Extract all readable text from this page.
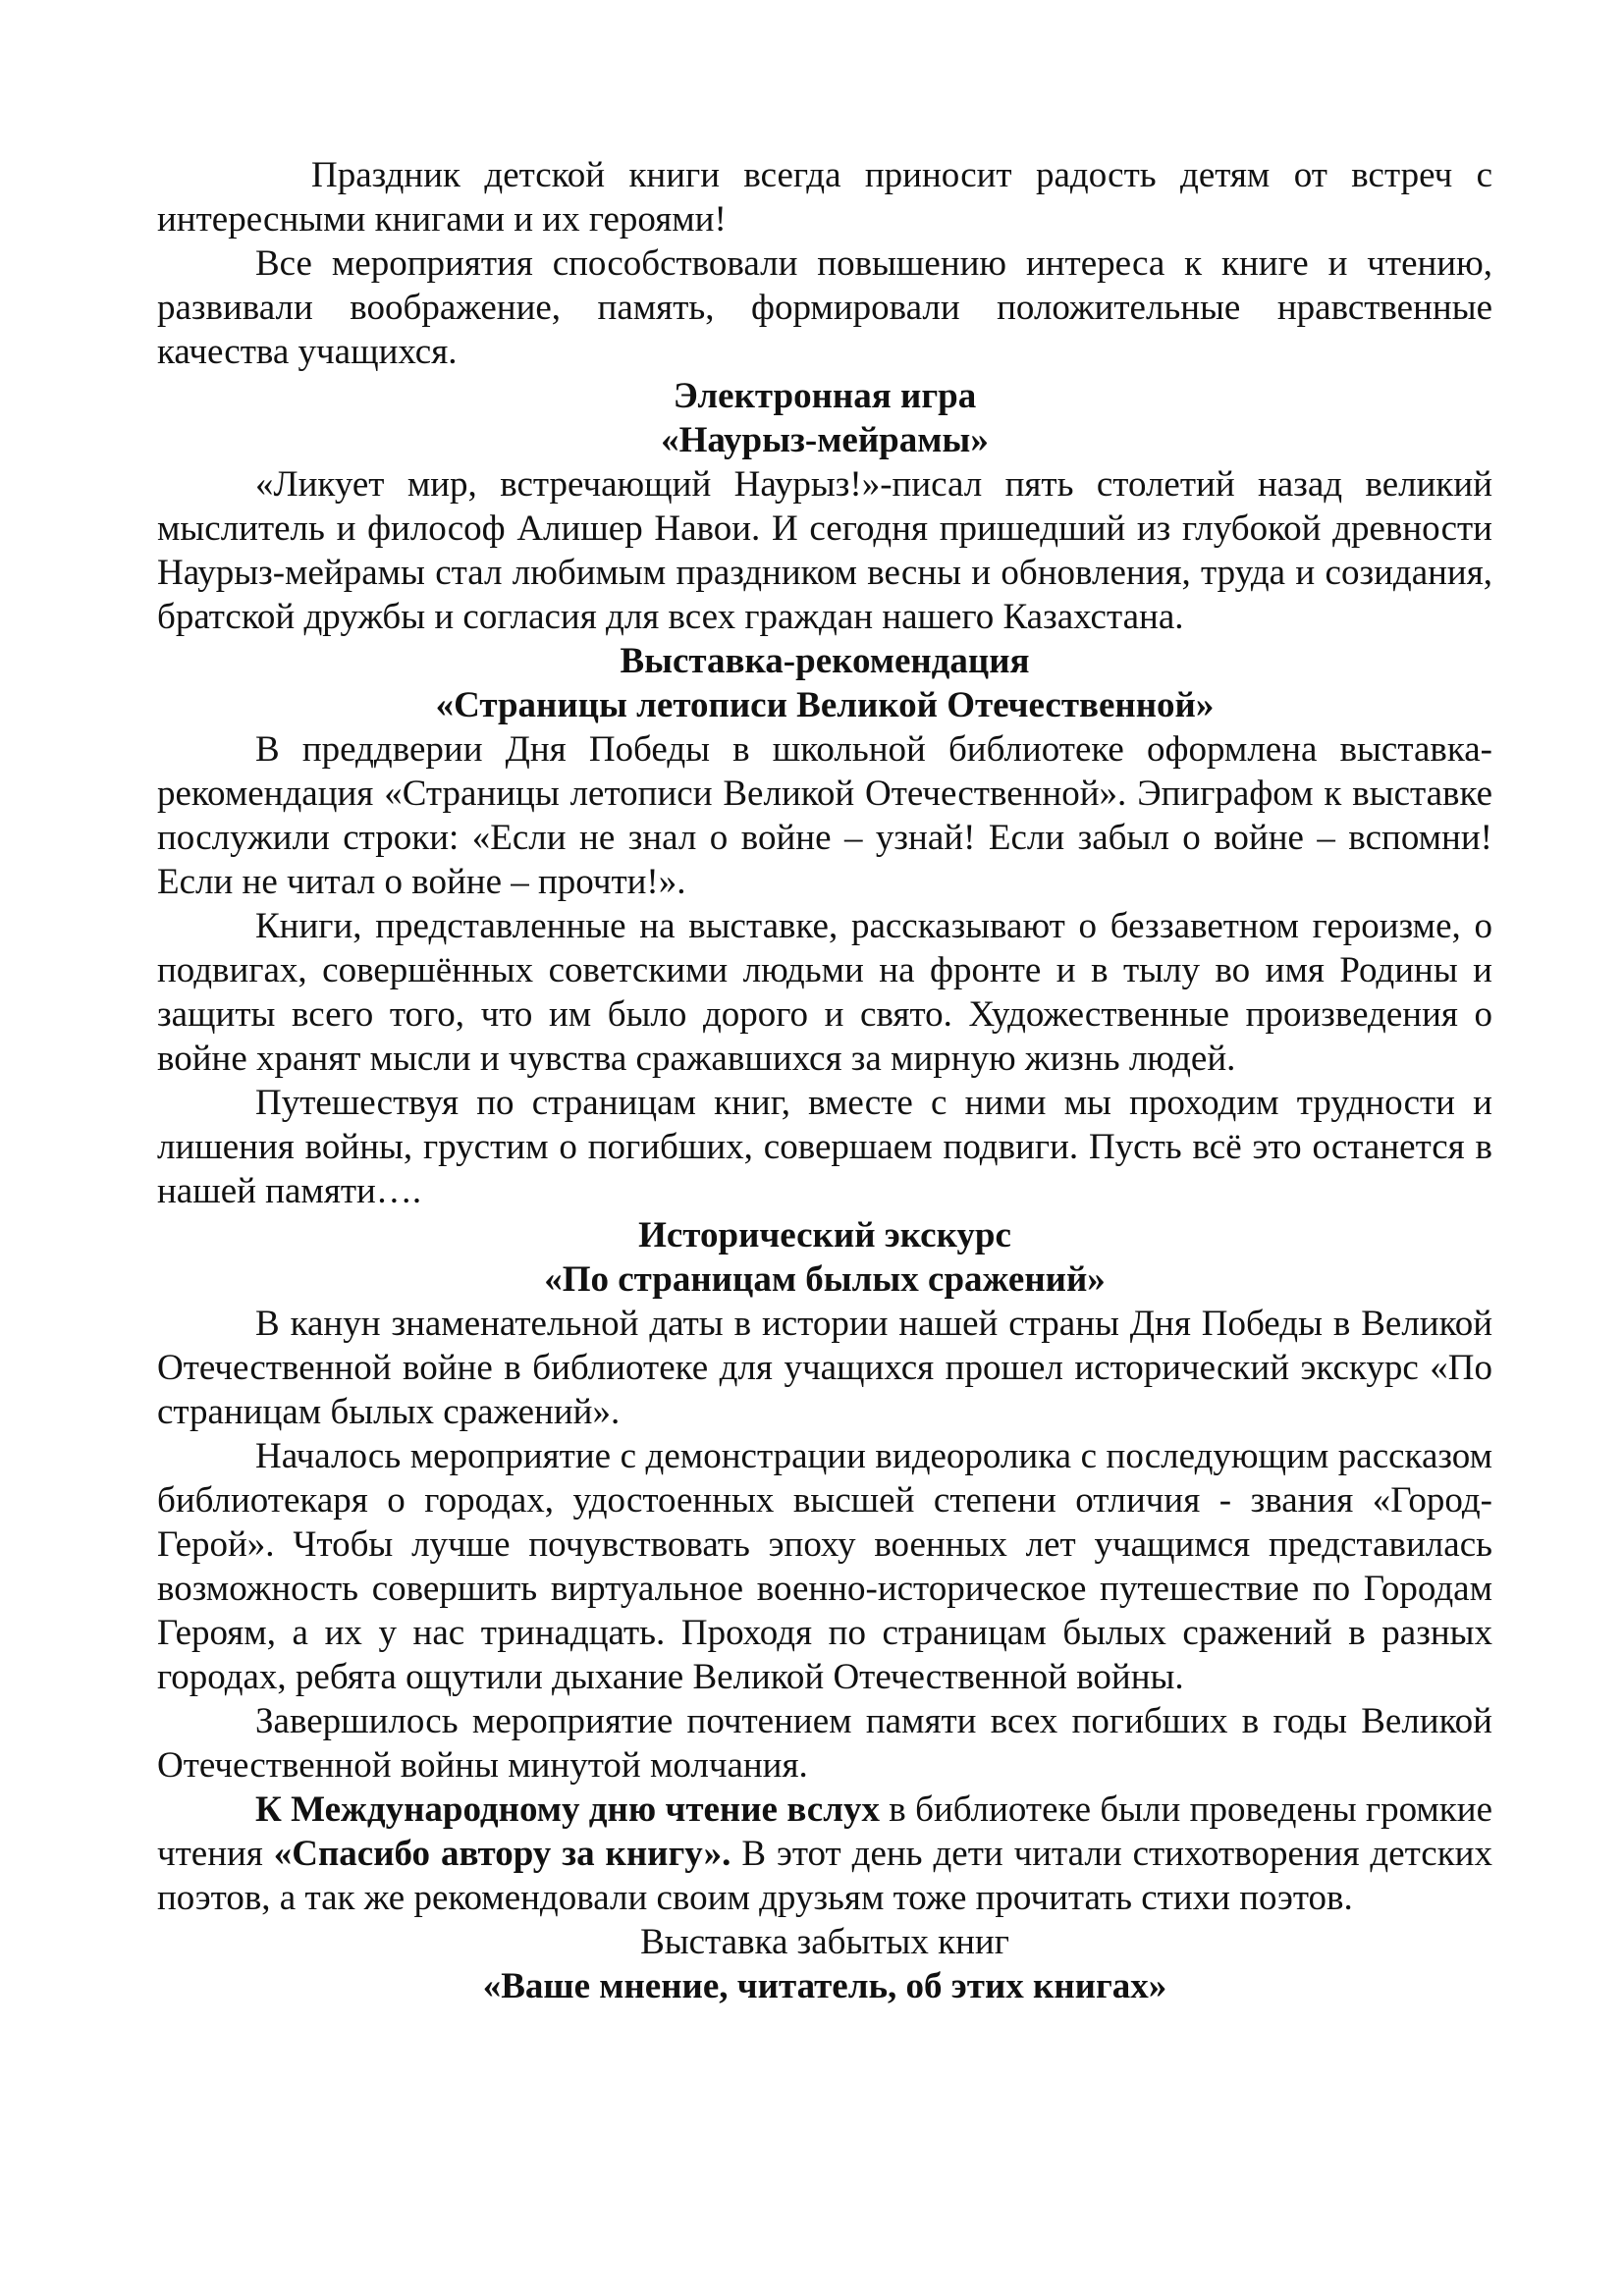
Праздник детской книги всегда приносит радость детям от встреч с интересными книгами и их героями!

Все мероприятия способствовали повышению интереса к книге и чтению, развивали воображение, память, формировали положительные нравственные качества учащихся.

Электронная игра

«Наурыз-мейрамы»

«Ликует мир, встречающий Наурыз!»-писал пять столетий назад великий мыслитель и философ Алишер Навои. И сегодня пришедший из глубокой древности Наурыз-мейрамы стал любимым праздником весны и обновления, труда и созидания, братской дружбы и согласия для всех граждан нашего Казахстана.

Выставка-рекомендация

«Страницы летописи Великой Отечественной»

В преддверии Дня Победы в школьной библиотеке оформлена выставка-рекомендация «Страницы летописи Великой Отечественной». Эпиграфом к выставке послужили строки: «Если не знал о войне – узнай! Если забыл о войне – вспомни! Если не читал о войне – прочти!».

Книги, представленные на выставке, рассказывают о беззаветном героизме, о подвигах, совершённых советскими людьми на фронте и в тылу во имя Родины и защиты всего того, что им было дорого и свято. Художественные произведения о войне хранят мысли и чувства сражавшихся за мирную жизнь людей.

Путешествуя по страницам книг, вместе с ними мы проходим трудности и лишения войны, грустим о погибших, совершаем подвиги. Пусть всё это останется в нашей памяти….

Исторический экскурс

«По страницам былых сражений»

В канун знаменательной даты в истории нашей страны Дня Победы в Великой Отечественной войне в библиотеке для учащихся прошел исторический экскурс «По страницам былых сражений».

Началось мероприятие с демонстрации видеоролика с последующим рассказом библиотекаря о городах, удостоенных высшей степени отличия - звания «Город-Герой». Чтобы лучше почувствовать эпоху военных лет учащимся представилась возможность совершить виртуальное военно-историческое путешествие по Городам Героям, а их у нас тринадцать. Проходя по страницам былых сражений в разных городах, ребята ощутили дыхание Великой Отечественной войны.

Завершилось мероприятие почтением памяти всех погибших в годы Великой Отечественной войны минутой молчания.

К Международному дню чтение вслух в библиотеке были проведены громкие чтения «Спасибо автору за книгу». В этот день дети читали стихотворения детских поэтов, а так же рекомендовали своим друзьям тоже прочитать стихи поэтов.

Выставка забытых книг

«Ваше мнение, читатель, об этих книгах»
